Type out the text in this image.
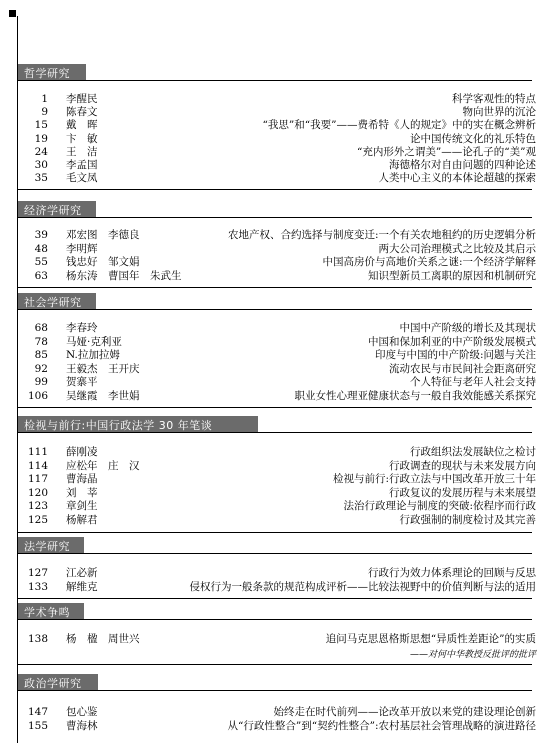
哲学研究
1 李醒民	科学客观性的特点
9 陈春文	物向世界的沉沦
15 戴　晖	“我思”和“我要”——费希特《人的规定》中的实在概念辨析
19 卞　敏	论中国传统文化的礼乐特色
24 王　洁	“充内形外之谓美”——论孔子的“美”观
30 李孟国	海德格尔对自由问题的四种论述
35 毛文凤	人类中心主义的本体论超越的探索
经济学研究
39 邓宏图　李德良	农地产权、合约选择与制度变迁:一个有关农地租约的历史逻辑分析
48 李明辉	两大公司治理模式之比较及其启示
55 钱忠好　邹文娟	中国高房价与高地价关系之谜:一个经济学解释
63 杨东涛　曹国年　朱武生	知识型新员工离职的原因和机制研究
社会学研究
68 李春玲	中国中产阶级的增长及其现状
78 马娅·克利亚	中国和保加利亚的中产阶级发展模式
85 N.拉加拉姆	印度与中国的中产阶级:问题与关注
92 王毅杰　王开庆	流动农民与市民间社会距离研究
99 贺寨平	个人特征与老年人社会支持
106 吴继霞　李世娟	职业女性心理亚健康状态与一般自我效能感关系探究
检视与前行:中国行政法学 30 年笔谈
111 薛刚凌	行政组织法发展缺位之检讨
114 应松年　庄　汉	行政调查的现状与未来发展方向
117 曹海晶	检视与前行:行政立法与中国改革开放三十年
120 刘　莘	行政复议的发展历程与未来展望
123 章剑生	法治行政理论与制度的突破:依程序而行政
125 杨解君	行政强制的制度检讨及其完善
法学研究
127 江必新	行政行为效力体系理论的回顾与反思
133 解维克	侵权行为一般条款的规范构成评析——比较法视野中的价值判断与法的适用
学术争鸣
138 杨　楹　周世兴	追问马克思恩格斯思想“异质性差距论”的实质
——对何中华教授反批评的批评
政治学研究
147 包心鉴	始终走在时代前列——论改革开放以来党的建设理论创新
155 曹海林	从“行政性整合”到“契约性整合”:农村基层社会管理战略的演进路径
